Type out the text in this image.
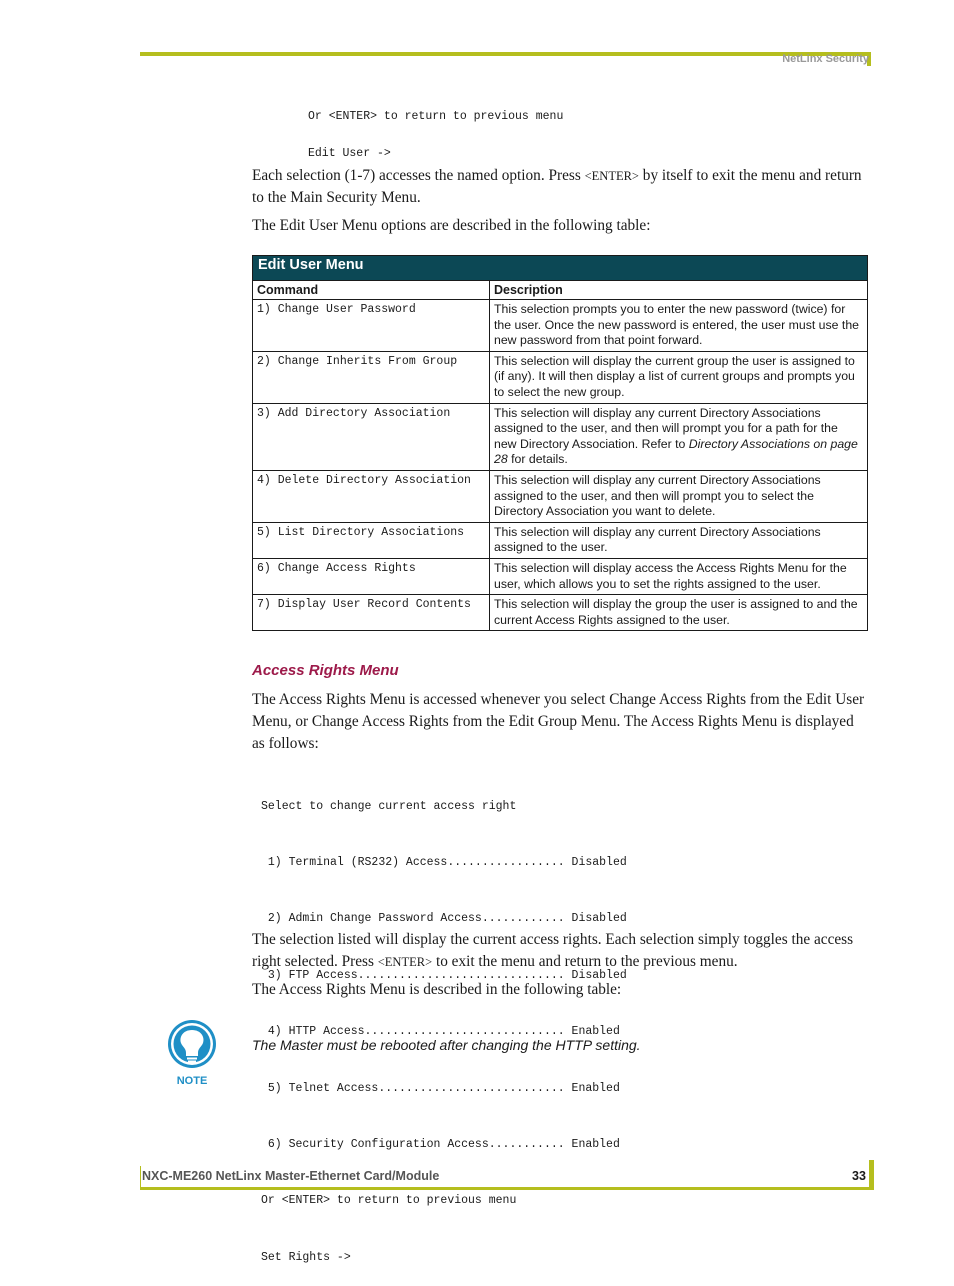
NetLinx Security
Or <ENTER> to return to previous menu
Edit User ->

Each selection (1-7) accesses the named option. Press <ENTER> by itself to exit the menu and return to the Main Security Menu.

The Edit User Menu options are described in the following table:

Edit User Menu	
Command	Description
1) Change User Password	This selection prompts you to enter the new password (twice) for the user. Once the new password is entered, the user must use the new password from that point forward.
2) Change Inherits From Group	This selection will display the current group the user is assigned to (if any). It will then display a list of current groups and prompts you to select the new group.
3) Add Directory Association	This selection will display any current Directory Associations assigned to the user, and then will prompt you for a path for the new Directory Association. Refer to Directory Associations on page 28 for details.
4) Delete Directory Association	This selection will display any current Directory Associations assigned to the user, and then will prompt you to select the Directory Association you want to delete.
5) List Directory Associations	This selection will display any current Directory Associations assigned to the user.
6) Change Access Rights	This selection will display access the Access Rights Menu for the user, which allows you to set the rights assigned to the user.
7) Display User Record Contents	This selection will display the group the user is assigned to and the current Access Rights assigned to the user.
Access Rights Menu

The Access Rights Menu is accessed whenever you select Change Access Rights from the Edit User Menu, or Change Access Rights from the Edit Group Menu. The Access Rights Menu is displayed as follows:

Select to change current access right

1) Terminal (RS232) Access................. Disabled

2) Admin Change Password Access............ Disabled

3) FTP Access.............................. Disabled

4) HTTP Access............................. Enabled

5) Telnet Access........................... Enabled

6) Security Configuration Access........... Enabled

Or <ENTER> to return to previous menu

Set Rights ->

The selection listed will display the current access rights. Each selection simply toggles the access right selected. Press <ENTER> to exit the menu and return to the previous menu.

The Access Rights Menu is described in the following table:

NOTE
The Master must be rebooted after changing the HTTP setting.
NXC-ME260 NetLinx Master-Ethernet Card/Module	33
